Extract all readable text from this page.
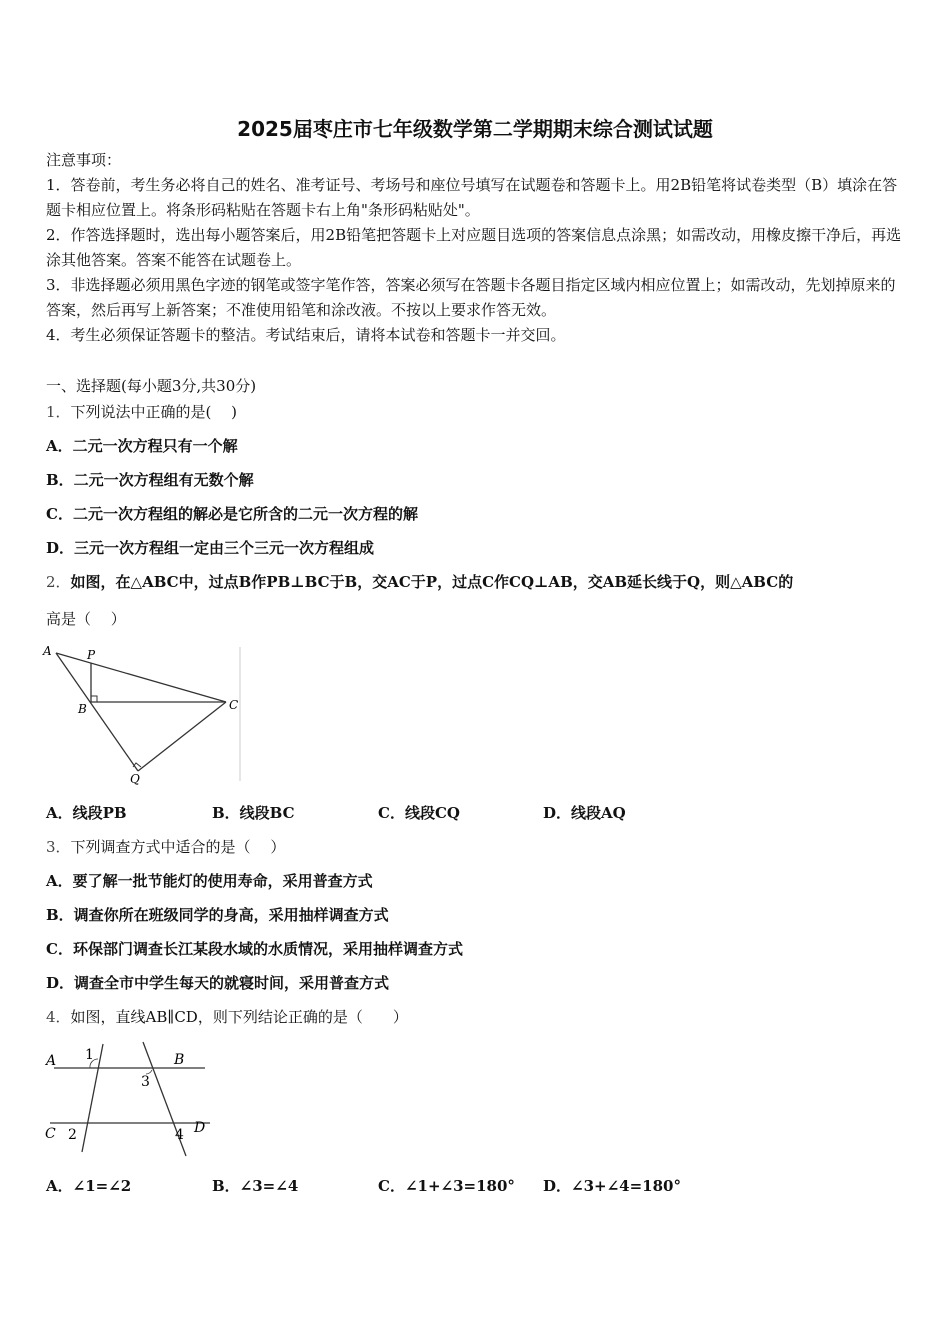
2025届枣庄市七年级数学第二学期期末综合测试试题
注意事项：
1．答卷前，考生务必将自己的姓名、准考证号、考场号和座位号填写在试题卷和答题卡上。用2B铅笔将试卷类型（B）填涂在答题卡相应位置上。将条形码粘贴在答题卡右上角"条形码粘贴处"。
2．作答选择题时，选出每小题答案后，用2B铅笔把答题卡上对应题目选项的答案信息点涂黑；如需改动，用橡皮擦干净后，再选涂其他答案。答案不能答在试题卷上。
3．非选择题必须用黑色字迹的钢笔或签字笔作答，答案必须写在答题卡各题目指定区域内相应位置上；如需改动，先划掉原来的答案，然后再写上新答案；不准使用铅笔和涂改液。不按以上要求作答无效。
4．考生必须保证答题卡的整洁。考试结束后，请将本试卷和答题卡一并交回。
一、选择题(每小题3分,共30分)
1．下列说法中正确的是(　 )
A．二元一次方程只有一个解
B．二元一次方程组有无数个解
C．二元一次方程组的解必是它所含的二元一次方程的解
D．三元一次方程组一定由三个三元一次方程组成
2．如图，在△ABC中，过点B作PB⊥BC于B，交AC于P，过点C作CQ⊥AB，交AB延长线于Q，则△ABC的
高是（　 ）
A	P
B	C
Q
A．线段PB	B．线段BC	C．线段CQ	D．线段AQ
3．下列调查方式中适合的是（　 ）
A．要了解一批节能灯的使用寿命，采用普查方式
B．调查你所在班级同学的身高，采用抽样调查方式
C．环保部门调查长江某段水域的水质情况，采用抽样调查方式
D．调查全市中学生每天的就寝时间，采用普查方式
4．如图，直线AB∥CD，则下列结论正确的是（　　）
A	B
C	D
1
2
3
4
A．∠1=∠2	B．∠3=∠4	C．∠1+∠3=180° D．∠3+∠4=180°
